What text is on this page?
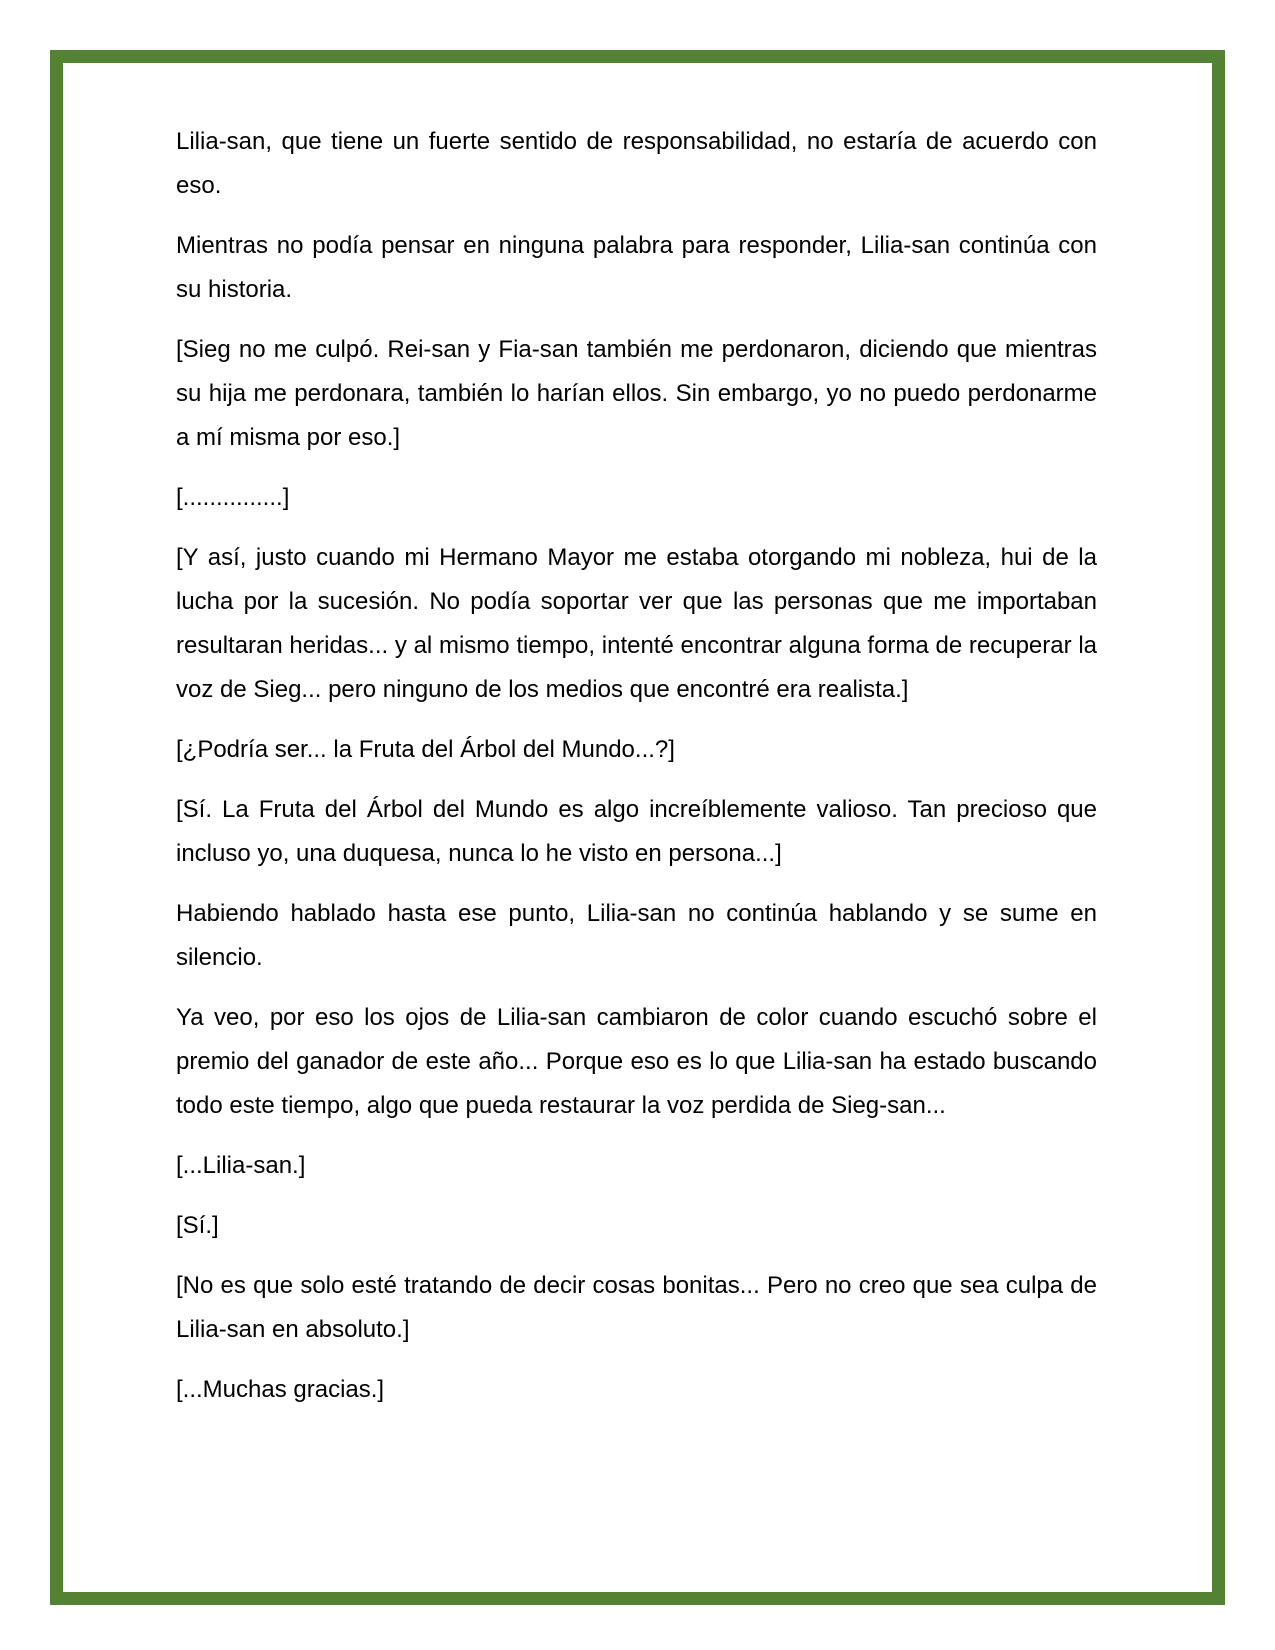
Lilia-san, que tiene un fuerte sentido de responsabilidad, no estaría de acuerdo con eso.

Mientras no podía pensar en ninguna palabra para responder, Lilia-san continúa con su historia.

[Sieg no me culpó. Rei-san y Fia-san también me perdonaron, diciendo que mientras su hija me perdonara, también lo harían ellos. Sin embargo, yo no puedo perdonarme a mí misma por eso.]

[...............]

[Y así, justo cuando mi Hermano Mayor me estaba otorgando mi nobleza, hui de la lucha por la sucesión. No podía soportar ver que las personas que me importaban resultaran heridas... y al mismo tiempo, intenté encontrar alguna forma de recuperar la voz de Sieg... pero ninguno de los medios que encontré era realista.]

[¿Podría ser... la Fruta del Árbol del Mundo...?]

[Sí. La Fruta del Árbol del Mundo es algo increíblemente valioso. Tan precioso que incluso yo, una duquesa, nunca lo he visto en persona...]

Habiendo hablado hasta ese punto, Lilia-san no continúa hablando y se sume en silencio.

Ya veo, por eso los ojos de Lilia-san cambiaron de color cuando escuchó sobre el premio del ganador de este año... Porque eso es lo que Lilia-san ha estado buscando todo este tiempo, algo que pueda restaurar la voz perdida de Sieg-san...

[...Lilia-san.]

[Sí.]

[No es que solo esté tratando de decir cosas bonitas... Pero no creo que sea culpa de Lilia-san en absoluto.]

[...Muchas gracias.]
